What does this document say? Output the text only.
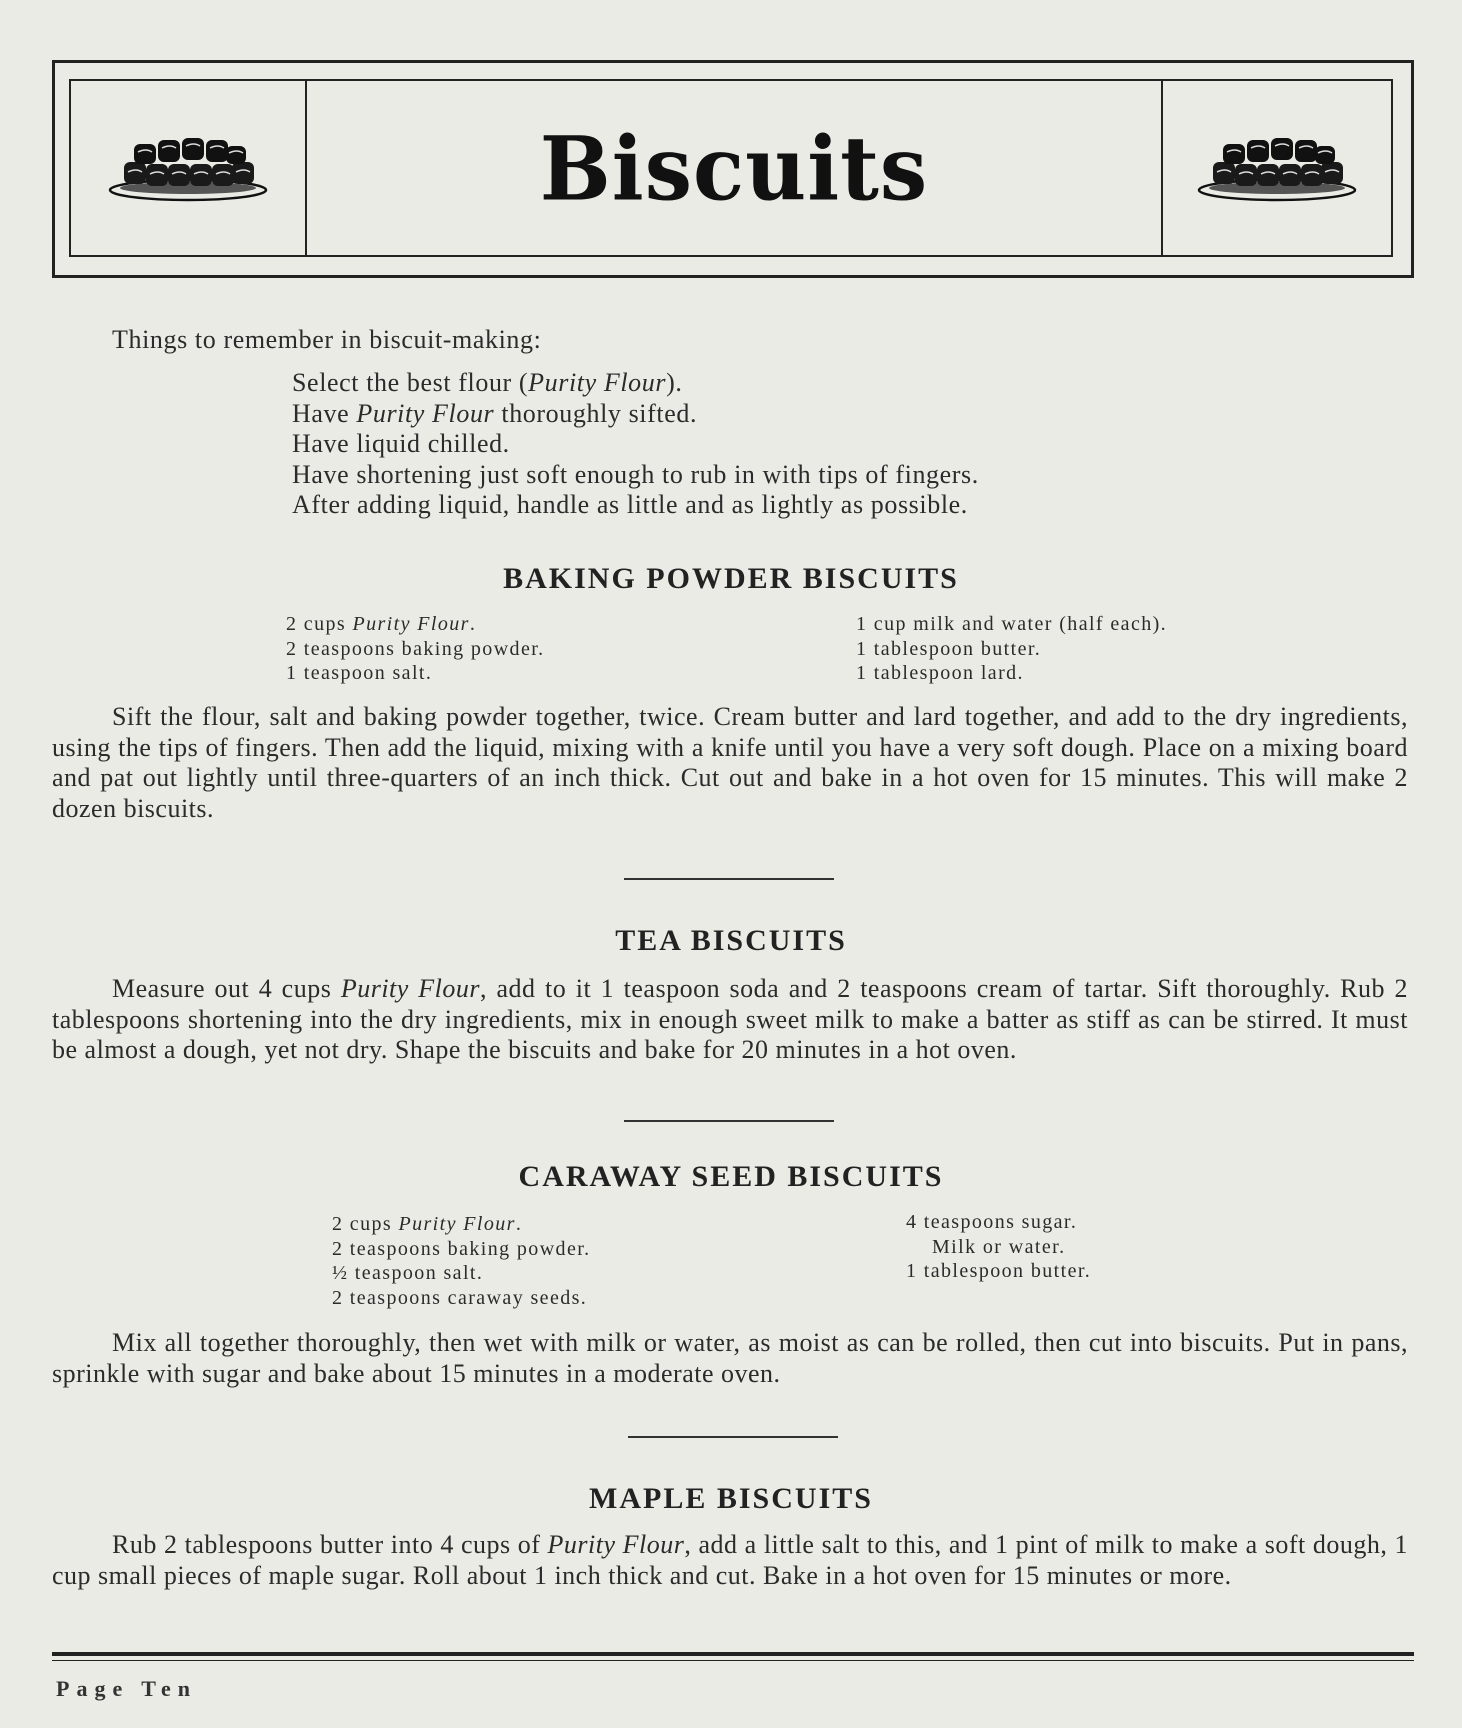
Biscuits
Things to remember in biscuit-making:
Select the best flour (Purity Flour).
Have Purity Flour thoroughly sifted.
Have liquid chilled.
Have shortening just soft enough to rub in with tips of fingers.
After adding liquid, handle as little and as lightly as possible.
BAKING POWDER BISCUITS
2 cups Purity Flour.
2 teaspoons baking powder.
1 teaspoon salt.
1 cup milk and water (half each).
1 tablespoon butter.
1 tablespoon lard.

Sift the flour, salt and baking powder together, twice. Cream butter and lard together, and add to the dry ingredients, using the tips of fingers. Then add the liquid, mixing with a knife until you have a very soft dough. Place on a mixing board and pat out lightly until three-quarters of an inch thick. Cut out and bake in a hot oven for 15 minutes. This will make 2 dozen biscuits.

TEA BISCUITS

Measure out 4 cups Purity Flour, add to it 1 teaspoon soda and 2 teaspoons cream of tartar. Sift thoroughly. Rub 2 tablespoons shortening into the dry ingredients, mix in enough sweet milk to make a batter as stiff as can be stirred. It must be almost a dough, yet not dry. Shape the biscuits and bake for 20 minutes in a hot oven.

CARAWAY SEED BISCUITS
2 cups Purity Flour.
2 teaspoons baking powder.
½ teaspoon salt.
2 teaspoons caraway seeds.
4 teaspoons sugar.
Milk or water.
1 tablespoon butter.

Mix all together thoroughly, then wet with milk or water, as moist as can be rolled, then cut into biscuits. Put in pans, sprinkle with sugar and bake about 15 minutes in a moderate oven.

MAPLE BISCUITS

Rub 2 tablespoons butter into 4 cups of Purity Flour, add a little salt to this, and 1 pint of milk to make a soft dough, 1 cup small pieces of maple sugar. Roll about 1 inch thick and cut. Bake in a hot oven for 15 minutes or more.

Page Ten
